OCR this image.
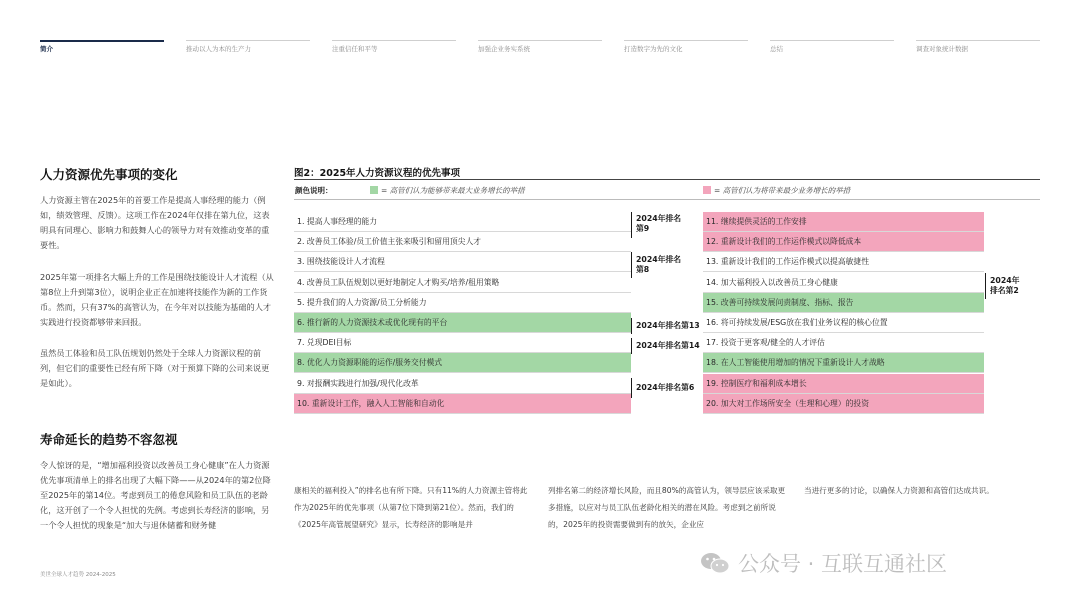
简介	推动以人为本的生产力	注重信任和平等	加强企业务实系统	打造数字为先的文化	总结	调查对象统计数据
人力资源优先事项的变化
人力资源主管在2025年的首要工作是提高人事经理的能力（例如，绩效管理、反馈）。这项工作在2024年仅排在第九位，这表明具有同理心、影响力和鼓舞人心的领导力对有效推动变革的重要性。
2025年第一项排名大幅上升的工作是围绕技能设计人才流程（从第8位上升到第3位），说明企业正在加速将技能作为新的工作货币。然而，只有37%的高管认为，在今年对以技能为基础的人才实践进行投资都够带来回报。
虽然员工体验和员工队伍规划仍然处于全球人力资源议程的前列，但它们的重要性已经有所下降（对于预算下降的公司来说更是如此）。
寿命延长的趋势不容忽视
令人惊讶的是，“增加福利投资以改善员工身心健康”在人力资源优先事项清单上的排名出现了大幅下降——从2024年的第2位降至2025年的第14位。考虑到员工的倦怠风险和员工队伍的老龄化，这开创了一个令人担忧的先例。考虑到长寿经济的影响，另一个令人担忧的现象是“加大与退休储蓄和财务健
图2：2025年人力资源议程的优先事项
颜色说明：	= 高管们认为能够带来最大业务增长的举措	= 高管们认为将带来最少业务增长的举措
1. 提高人事经理的能力
2. 改善员工体验/员工价值主张来吸引和留用顶尖人才
3. 围绕技能设计人才流程
4. 改善员工队伍规划以更好地制定人才购买/培养/租用策略
5. 提升我们的人力资源/员工分析能力
6. 推行新的人力资源技术或优化现有的平台
7. 兑现DEI目标
8. 优化人力资源职能的运作/服务交付模式
9. 对报酬实践进行加强/现代化改革
10. 重新设计工作，融入人工智能和自动化
11. 继续提供灵活的工作安排
12. 重新设计我们的工作运作模式以降低成本
13. 重新设计我们的工作运作模式以提高敏捷性
14. 加大福利投入以改善员工身心健康
15. 改善可持续发展问责制度、指标、报告
16. 将可持续发展/ESG放在我们业务议程的核心位置
17. 投资于更客观/健全的人才评估
18. 在人工智能使用增加的情况下重新设计人才战略
19. 控制医疗和福利成本增长
20. 加大对工作场所安全（生理和心理）的投资
2024年排名
第9
2024年排名
第8
2024年排名第13
2024年排名第14
2024年排名第6
2024年
排名第2
康相关的福利投入”的排名也有所下降。只有11%的人力资源主管将此作为2025年的优先事项（从第7位下降到第21位）。然而，我们的《2025年高管展望研究》显示，长寿经济的影响是并
列排名第二的经济增长风险，而且80%的高管认为，领导层应该采取更多措施，以应对与员工队伍老龄化相关的潜在风险。考虑到之前所说的，2025年的投资需要做到有的放矢，企业应
当进行更多的讨论，以确保人力资源和高管们达成共识。
美世全球人才趋势 2024-2025	公众号 · 互联互通社区
